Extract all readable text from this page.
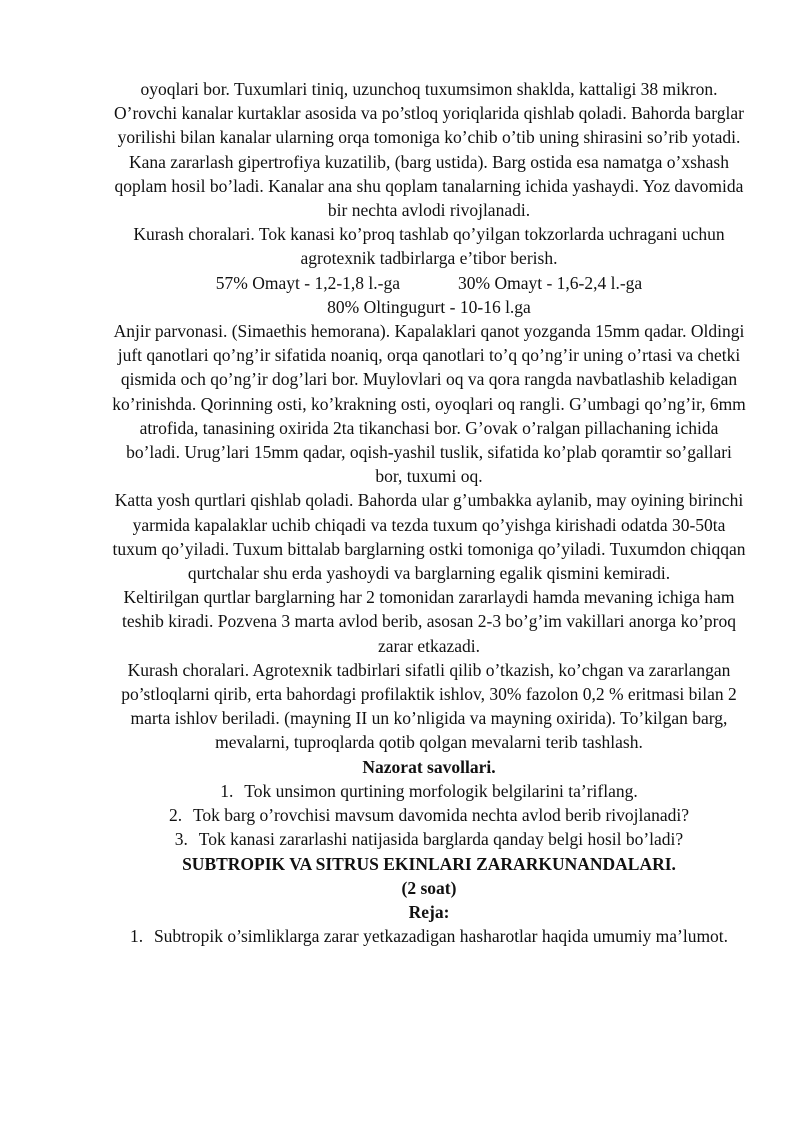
oyoqlari bor. Tuxumlari tiniq, uzunchoq tuxumsimon shaklda, kattaligi 38 mikron. O’rovchi kanalar kurtaklar asosida va po’stloq yoriqlarida qishlab qoladi. Bahorda barglar yorilishi bilan kanalar ularning orqa tomoniga ko’chib o’tib uning shirasini so’rib yotadi. Kana zararlash gipertrofiya kuzatilib, (barg ustida). Barg ostida esa namatga o’xshash qoplam hosil bo’ladi. Kanalar ana shu qoplam tanalarning ichida yashaydi. Yoz davomida bir nechta avlodi rivojlanadi.

Kurash choralari. Tok kanasi ko’proq tashlab qo’yilgan tokzorlarda uchragani uchun agrotexnik tadbirlarga e’tibor berish.

57% Omayt - 1,2-1,8 l.-ga	30% Omayt - 1,6-2,4 l.-ga

80% Oltingugurt - 10-16 l.ga

Anjir parvonasi. (Simaethis hemorana). Kapalaklari qanot yozganda 15mm qadar. Oldingi juft qanotlari qo’ng’ir sifatida noaniq, orqa qanotlari to’q qo’ng’ir uning o’rtasi va chetki qismida och qo’ng’ir dog’lari bor. Muylovlari oq va qora rangda navbatlashib keladigan ko’rinishda. Qorinning osti, ko’krakning osti, oyoqlari oq rangli. G’umbagi qo’ng’ir, 6mm atrofida, tanasining oxirida 2ta tikanchasi bor. G’ovak o’ralgan pillachaning ichida bo’ladi. Urug’lari 15mm qadar, oqish-yashil tuslik, sifatida ko’plab qoramtir so’gallari bor, tuxumi oq.

Katta yosh qurtlari qishlab qoladi. Bahorda ular g’umbakka aylanib, may oyining birinchi yarmida kapalaklar uchib chiqadi va tezda tuxum qo’yishga kirishadi odatda 30-50ta tuxum qo’yiladi. Tuxum bittalab barglarning ostki tomoniga qo’yiladi. Tuxumdon chiqqan qurtchalar shu erda yashoydi va barglarning egalik qismini kemiradi.

Keltirilgan qurtlar barglarning har 2 tomonidan zararlaydi hamda mevaning ichiga ham teshib kiradi. Pozvena 3 marta avlod berib, asosan 2-3 bo’g’im vakillari anorga ko’proq zarar etkazadi.

Kurash choralari. Agrotexnik tadbirlari sifatli qilib o’tkazish, ko’chgan va zararlangan po’stloqlarni qirib, erta bahordagi profilaktik ishlov, 30% fazolon 0,2 % eritmasi bilan 2 marta ishlov beriladi. (mayning II un ko’nligida va mayning oxirida). To’kilgan barg, mevalarni, tuproqlarda qotib qolgan mevalarni terib tashlash.

Nazorat savollari.

1. Tok unsimon qurtining morfologik belgilarini ta’riflang.

2. Tok barg o’rovchisi mavsum davomida nechta avlod berib rivojlanadi?

3. Tok kanasi zararlashi natijasida barglarda qanday belgi hosil bo’ladi?

SUBTROPIK VA SITRUS EKINLARI ZARARKUNANDALARI.

(2 soat)

Reja:

1. Subtropik o’simliklarga zarar yetkazadigan hasharotlar haqida umumiy ma’lumot.
